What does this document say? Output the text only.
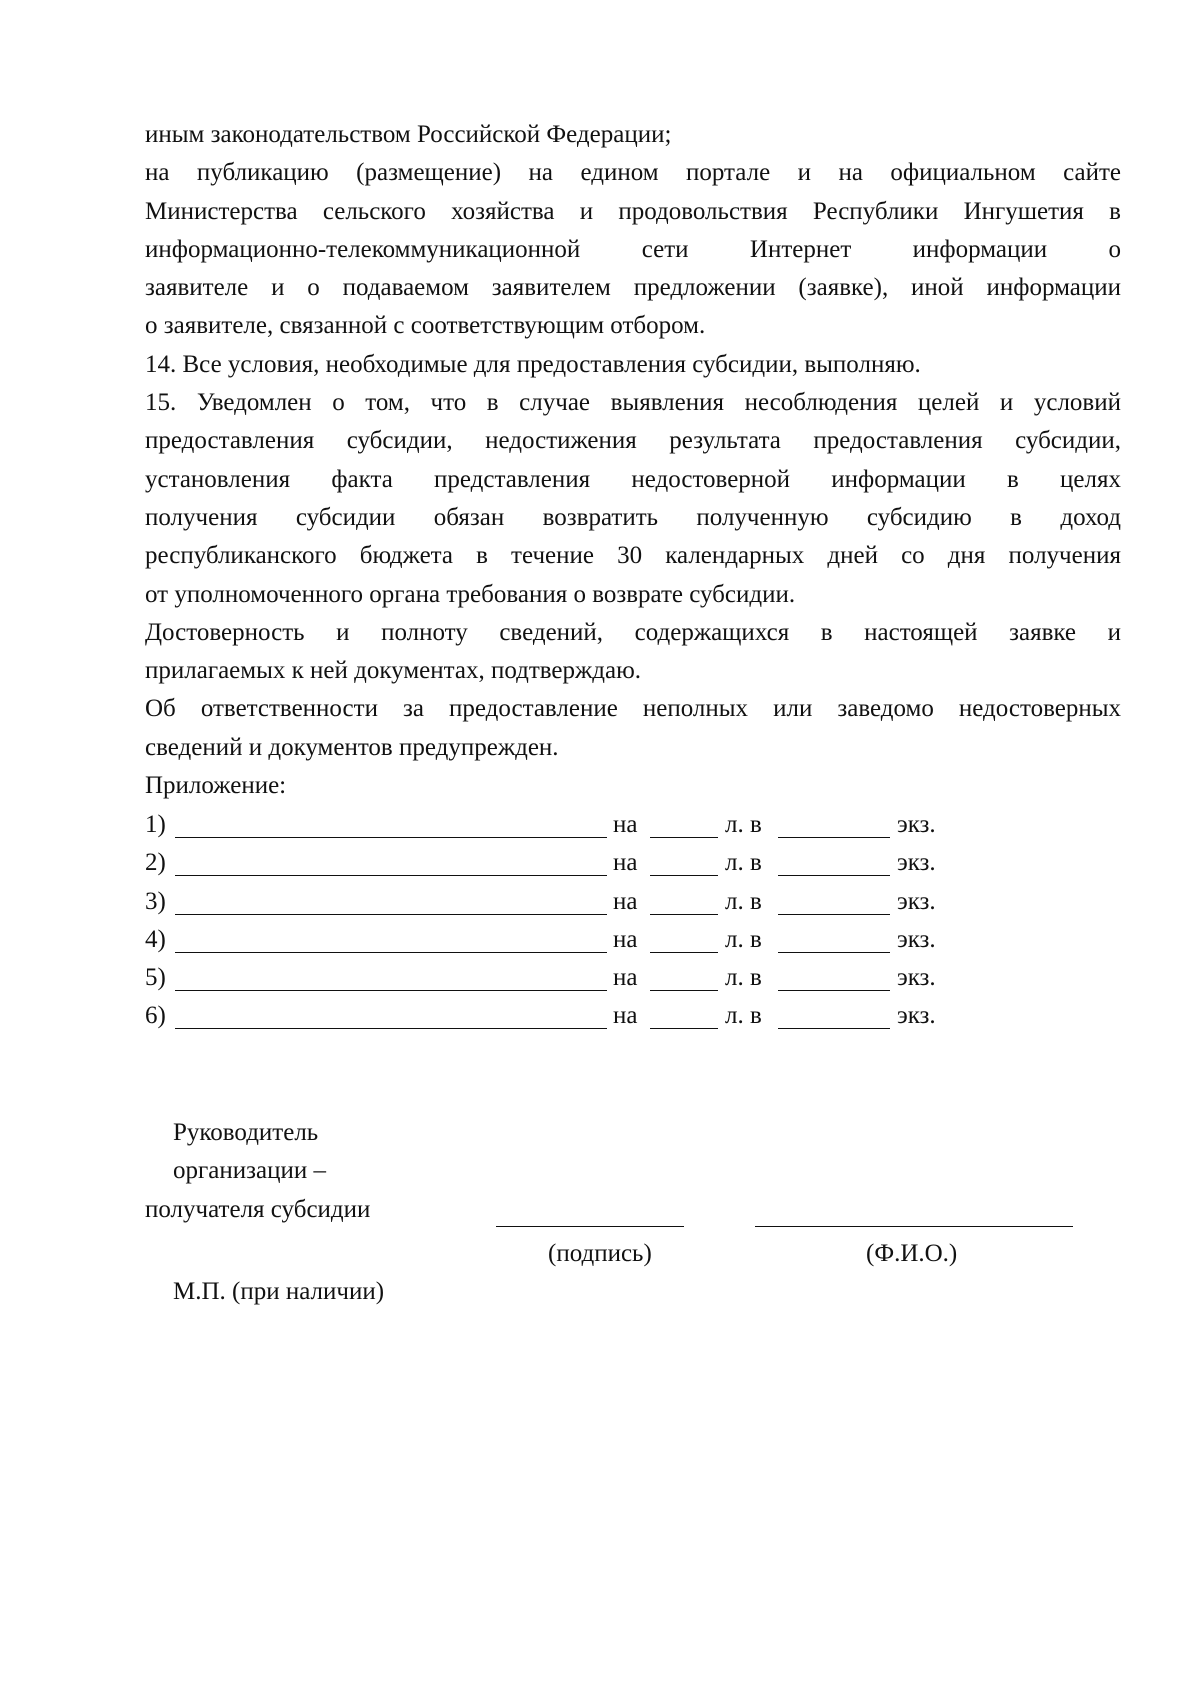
иным законодательством Российской Федерации;
на публикацию (размещение) на едином портале и на официальном сайте
Министерства сельского хозяйства и продовольствия Республики Ингушетия в
информационно-телекоммуникационной сети Интернет информации о
заявителе и о подаваемом заявителем предложении (заявке), иной информации
о заявителе, связанной с соответствующим отбором.
14. Все условия, необходимые для предоставления субсидии, выполняю.
15. Уведомлен о том, что в случае выявления несоблюдения целей и условий
предоставления субсидии, недостижения результата предоставления субсидии,
установления факта представления недостоверной информации в целях
получения субсидии обязан возвратить полученную субсидию в доход
республиканского бюджета в течение 30 календарных дней со дня получения
от уполномоченного органа требования о возврате субсидии.
Достоверность и полноту сведений, содержащихся в настоящей заявке и
прилагаемых к ней документах, подтверждаю.
Об ответственности за предоставление неполных или заведомо недостоверных
сведений и документов предупрежден.
Приложение:
1)	на	л. в	экз.
2)	на	л. в	экз.
3)	на	л. в	экз.
4)	на	л. в	экз.
5)	на	л. в	экз.
6)	на	л. в	экз.
Руководитель
организации –
получателя субсидии
(подпись)	(Ф.И.О.)
М.П. (при наличии)
